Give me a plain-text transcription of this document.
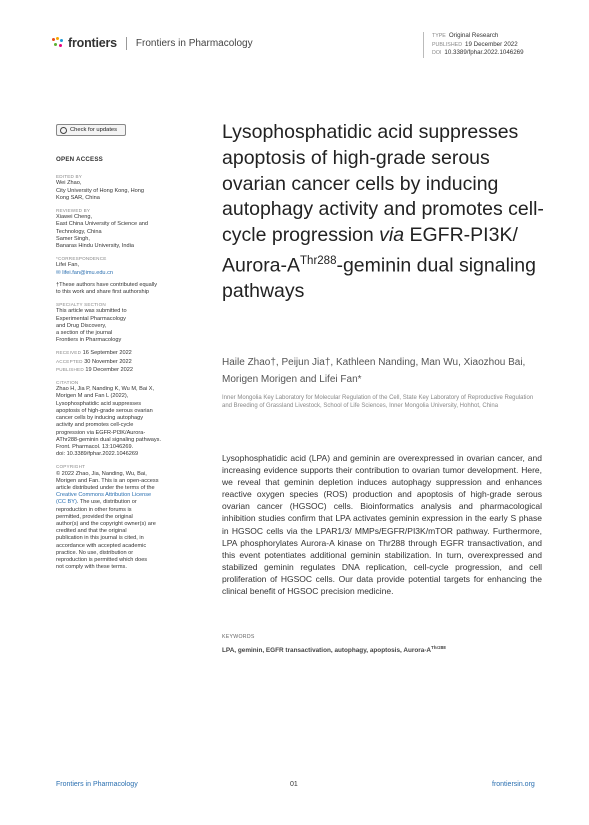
frontiers Frontiers in Pharmacology
TYPE Original Research
PUBLISHED 19 December 2022
DOI 10.3389/fphar.2022.1046269
Check for updates
OPEN ACCESS
EDITED BY
Wei Zhao,
City University of Hong Kong, Hong
Kong SAR, China
REVIEWED BY
Xiawei Cheng,
East China University of Science and
Technology, China
Samer Singh,
Banaras Hindu University, India
*CORRESPONDENCE
Lifei Fan,
✉ lifei.fan@imu.edu.cn
†These authors have contributed equally
to this work and share first authorship
SPECIALTY SECTION
This article was submitted to
Experimental Pharmacology
and Drug Discovery,
a section of the journal
Frontiers in Pharmacology
RECEIVED 16 September 2022
ACCEPTED 30 November 2022
PUBLISHED 19 December 2022
CITATION
Zhao H, Jia P, Nanding K, Wu M, Bai X,
Morigen M and Fan L (2022),
Lysophosphatidic acid suppresses
apoptosis of high-grade serous ovarian
cancer cells by inducing autophagy
activity and promotes cell-cycle
progression via EGFR-PI3K/Aurora-
AThr288-geminin dual signaling pathways.
Front. Pharmacol. 13:1046269.
doi: 10.3389/fphar.2022.1046269
COPYRIGHT
© 2022 Zhao, Jia, Nanding, Wu, Bai,
Morigen and Fan. This is an open-access
article distributed under the terms of the
Creative Commons Attribution License
(CC BY). The use, distribution or
reproduction in other forums is
permitted, provided the original
author(s) and the copyright owner(s) are
credited and that the original
publication in this journal is cited, in
accordance with accepted academic
practice. No use, distribution or
reproduction is permitted which does
not comply with these terms.
Lysophosphatidic acid suppresses apoptosis of high-grade serous ovarian cancer cells by inducing autophagy activity and promotes cell-cycle progression via EGFR-PI3K/ Aurora-$A^{Thr288}$-geminin dual signaling pathways
Haile Zhao†, Peijun Jia†, Kathleen Nanding, Man Wu, Xiaozhou Bai, Morigen Morigen and Lifei Fan*
Inner Mongolia Key Laboratory for Molecular Regulation of the Cell, State Key Laboratory of Reproductive Regulation and Breeding of Grassland Livestock, School of Life Sciences, Inner Mongolia University, Hohhot, China
Lysophosphatidic acid (LPA) and geminin are overexpressed in ovarian cancer, and increasing evidence supports their contribution to ovarian tumor development. Here, we reveal that geminin depletion induces autophagy suppression and enhances reactive oxygen species (ROS) production and apoptosis of high-grade serous ovarian cancer (HGSOC) cells. Bioinformatics analysis and pharmacological inhibition studies confirm that LPA activates geminin expression in the early S phase in HGSOC cells via the LPAR1/3/ MMPs/EGFR/PI3K/mTOR pathway. Furthermore, LPA phosphorylates Aurora-A kinase on Thr288 through EGFR transactivation, and this event potentiates additional geminin stabilization. In turn, overexpressed and stabilized geminin regulates DNA replication, cell-cycle progression, and cell proliferation of HGSOC cells. Our data provide potential targets for enhancing the clinical benefit of HGSOC precision medicine.
KEYWORDS
LPA, geminin, EGFR transactivation, autophagy, apoptosis, Aurora-$A^{Thr288}$
Frontiers in Pharmacology	01	frontiersin.org
